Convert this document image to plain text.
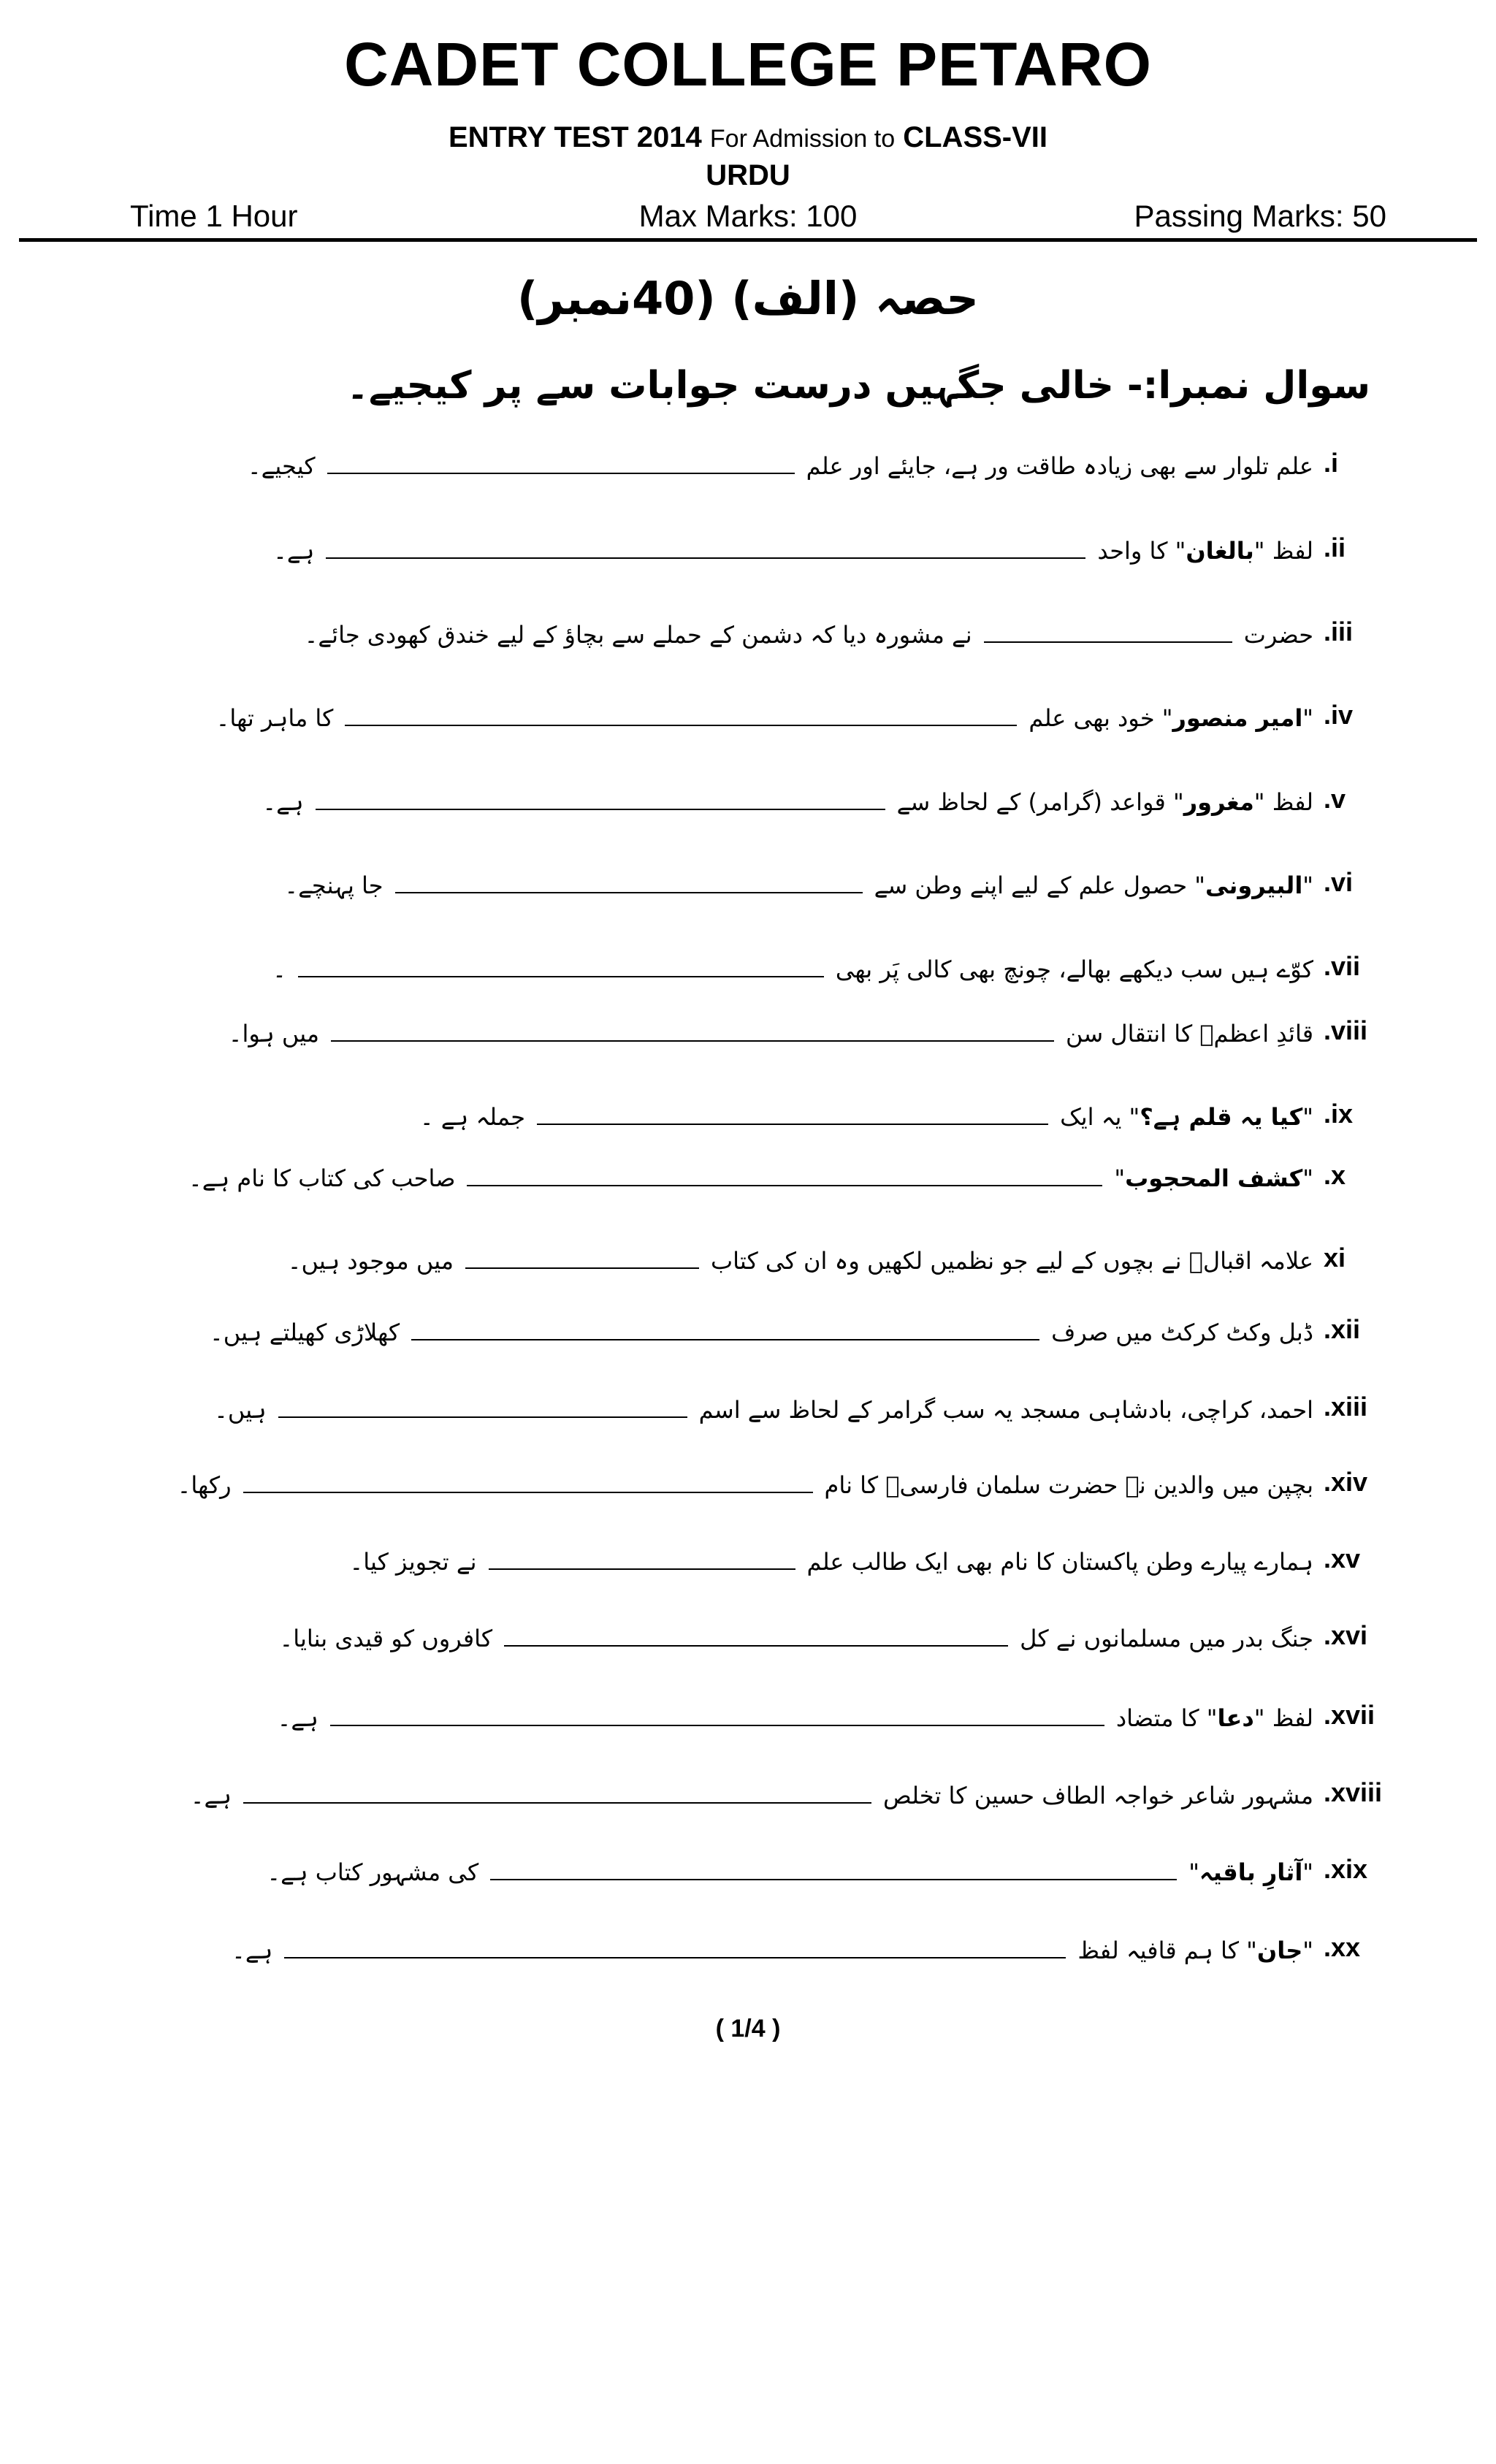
CADET COLLEGE PETARO
ENTRY TEST 2014 For Admission to CLASS-VII
URDU
Time 1 Hour	Max Marks: 100	Passing Marks: 50
حصہ (الف) (40نمبر)
سوال نمبرا:- خالی جگہیں درست جوابات سے پر کیجیے۔
.i
علم تلوار سے بھی زیادہ طاقت ور ہے، جایئے اور علم
کیجیے۔
.ii
لفظ "
بالغان
" کا واحد
ہے۔
.iii
حضرت
نے مشورہ دیا کہ دشمن کے حملے سے بچاؤ کے لیے خندق کھودی جائے۔
.iv
"
امیر منصور
" خود بھی علم
کا ماہر تھا۔
.v
لفظ "
مغرور
" قواعد (گرامر) کے لحاظ سے
ہے۔
.vi
"
البیرونی
" حصول علم کے لیے اپنے وطن سے
جا پہنچے۔
.vii
کوّے ہیں سب دیکھے بھالے، چونچ بھی کالی پَر بھی
۔
.viii
قائدِ اعظمؒ کا انتقال سن
میں ہوا۔
.ix
"
کیا یہ قلم ہے؟
" یہ ایک
جملہ ہے ۔
.x
"
کشف المحجوب
"
صاحب کی کتاب کا نام ہے۔
xi
علامہ اقبالؒ نے بچوں کے لیے جو نظمیں لکھیں وہ ان کی کتاب
میں موجود ہیں۔
.xii
ڈبل وکٹ کرکٹ میں صرف
کھلاڑی کھیلتے ہیں۔
.xiii
احمد، کراچی، بادشاہی مسجد یہ سب گرامر کے لحاظ سے اسم
ہیں۔
.xiv
بچپن میں والدین نے حضرت سلمان فارسیؓ کا نام
رکھا۔
.xv
ہمارے پیارے وطن پاکستان کا نام بھی ایک طالب علم
نے تجویز کیا۔
.xvi
جنگ بدر میں مسلمانوں نے کل
کافروں کو قیدی بنایا۔
.xvii
لفظ "
دعا
" کا متضاد
ہے۔
.xviii
مشہور شاعر خواجہ الطاف حسین کا تخلص
ہے۔
.xix
"
آثارِ باقیہ
"
کی مشہور کتاب ہے۔
.xx
"
جان
" کا ہم قافیہ لفظ
ہے۔
( 1/4 )
